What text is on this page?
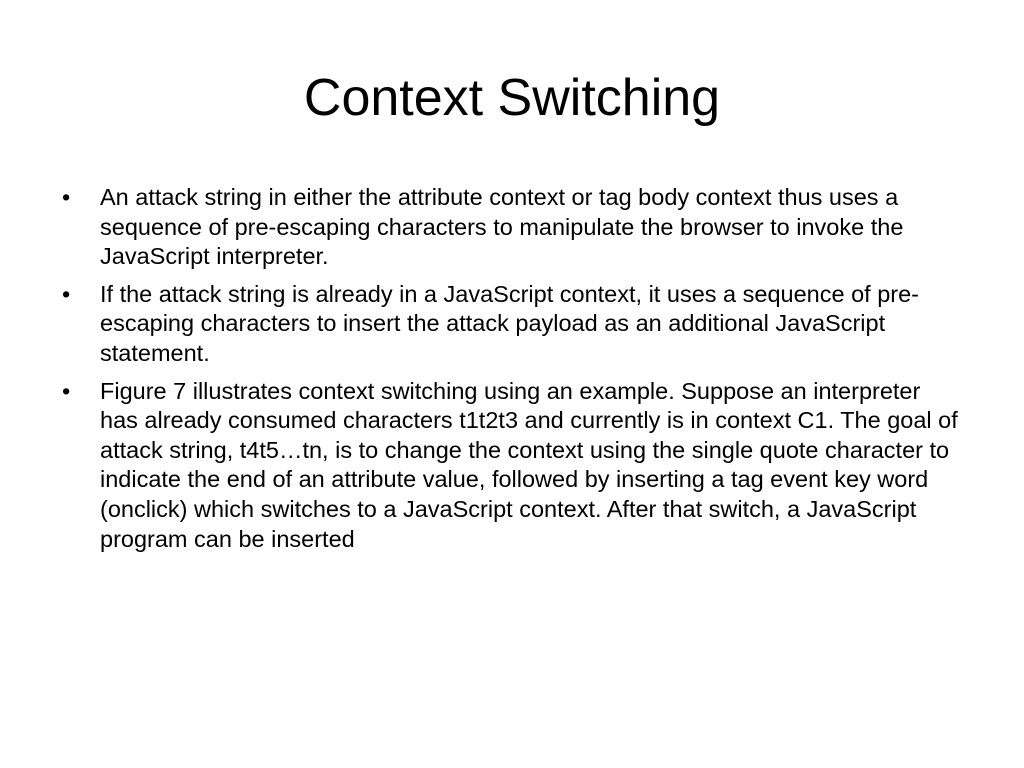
Context Switching
•	An attack string in either the attribute context or tag body context thus uses a sequence of pre-escaping characters to manipulate the browser to invoke the JavaScript interpreter.
•	If the attack string is already in a JavaScript context, it uses a sequence of pre-escaping characters to insert the attack payload as an additional JavaScript statement.
•	Figure 7 illustrates context switching using an example. Suppose an interpreter has already consumed characters t1t2t3 and currently is in context C1. The goal of attack string, t4t5…tn, is to change the context using the single quote character to indicate the end of an attribute value, followed by inserting a tag event key word (onclick) which switches to a JavaScript context. After that switch, a JavaScript program can be inserted
